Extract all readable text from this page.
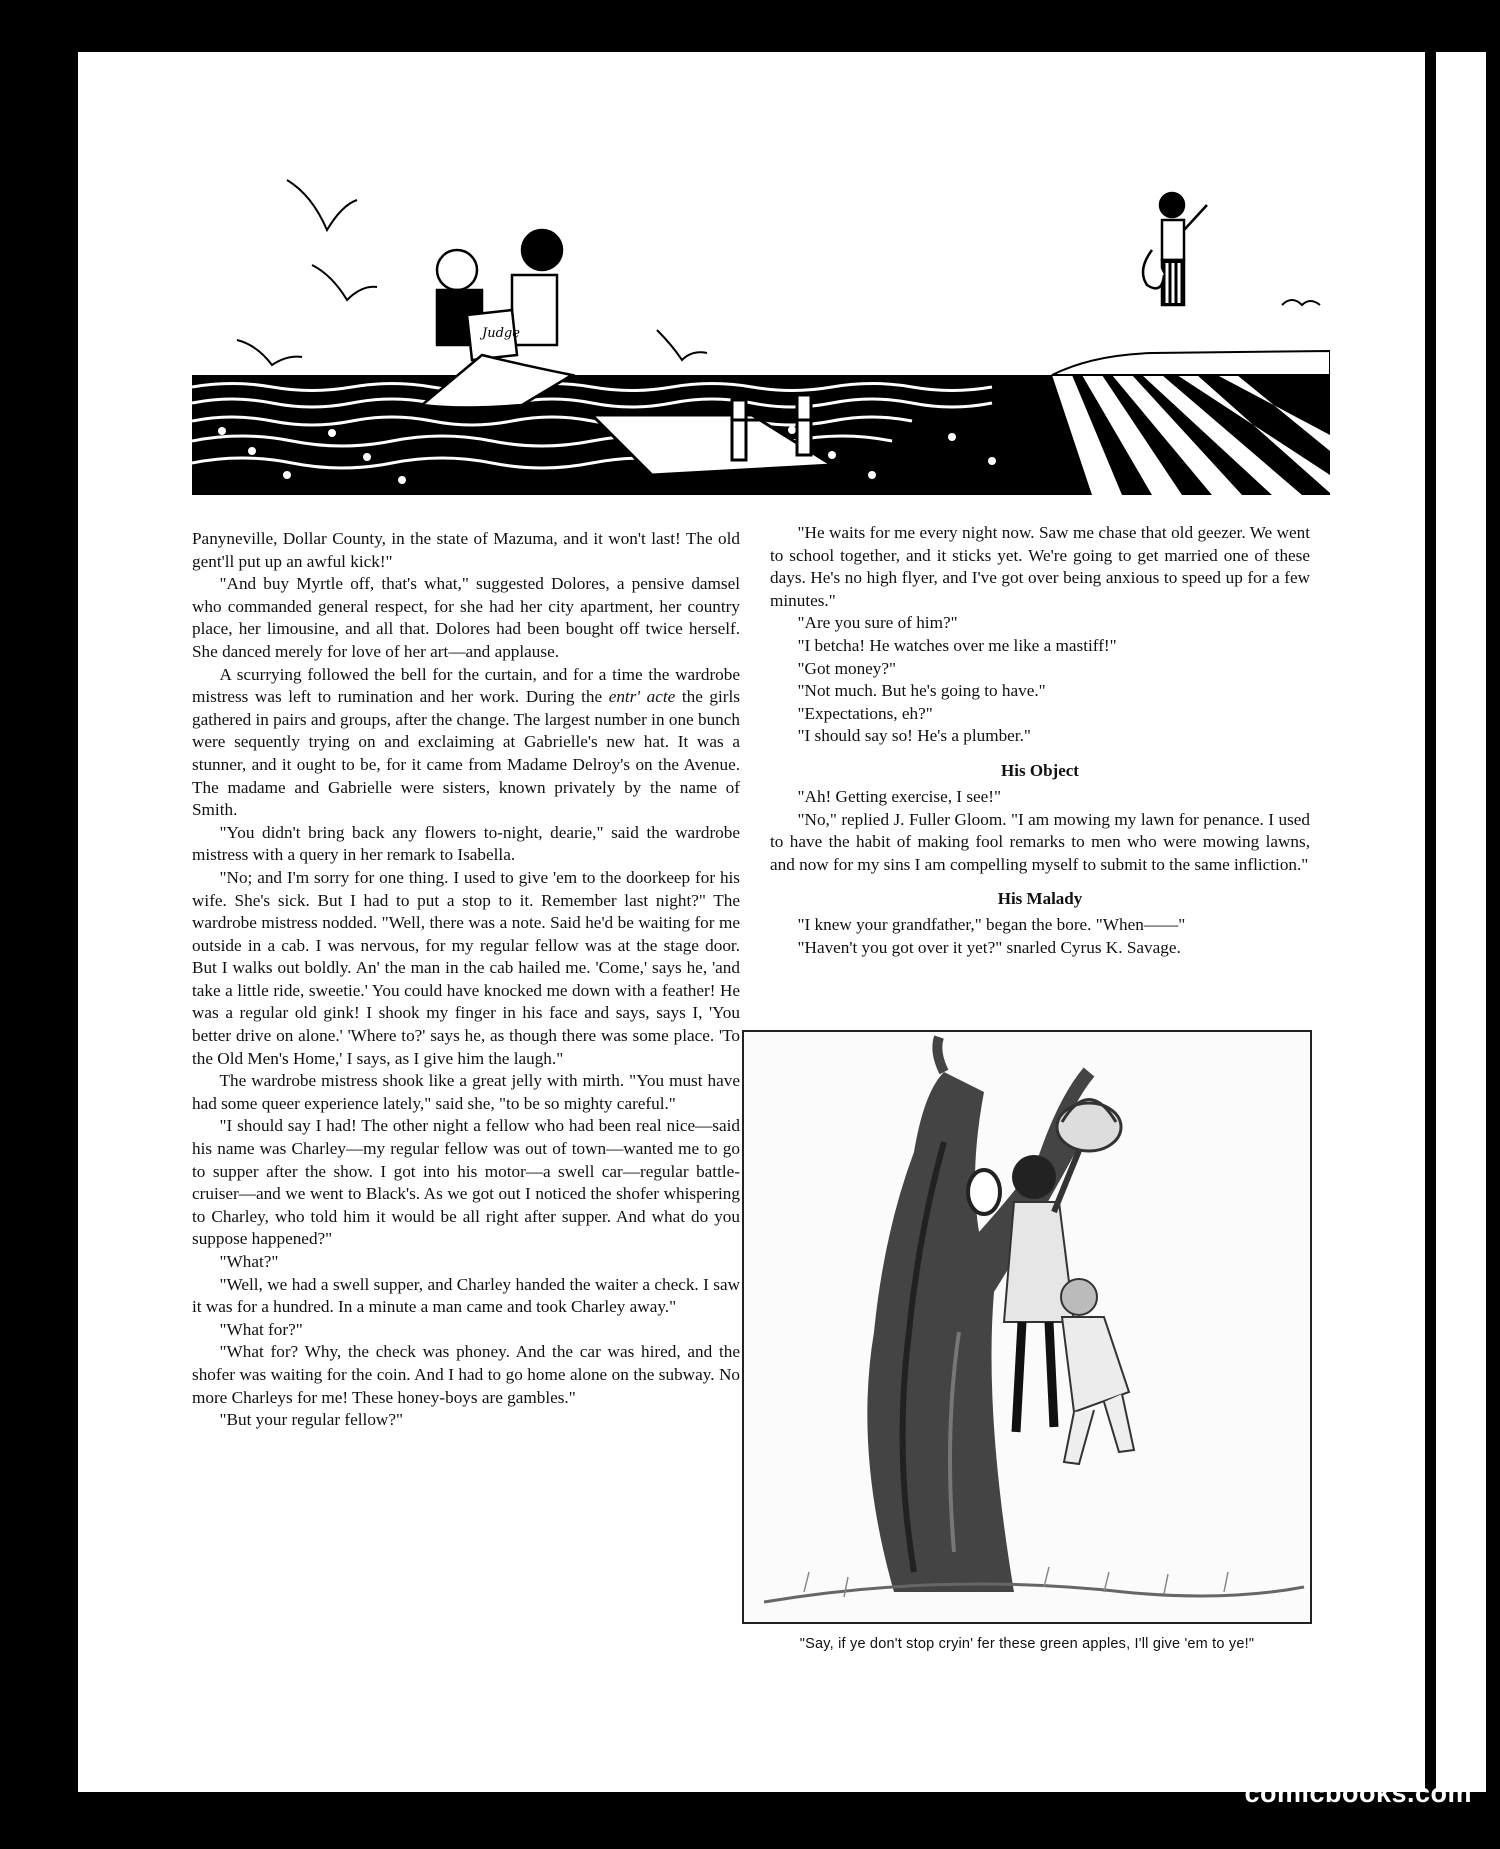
Judge

Panyneville, Dollar County, in the state of Mazuma, and it won't last! The old gent'll put up an awful kick!"

"And buy Myrtle off, that's what," suggested Dolores, a pensive damsel who commanded general respect, for she had her city apartment, her country place, her limousine, and all that. Dolores had been bought off twice herself. She danced merely for love of her art—and applause.

A scurrying followed the bell for the curtain, and for a time the wardrobe mistress was left to rumination and her work. During the entr' acte the girls gathered in pairs and groups, after the change. The largest number in one bunch were sequently trying on and exclaiming at Gabrielle's new hat. It was a stunner, and it ought to be, for it came from Madame Delroy's on the Avenue. The madame and Gabrielle were sisters, known privately by the name of Smith.

"You didn't bring back any flowers to-night, dearie," said the wardrobe mistress with a query in her remark to Isabella.

"No; and I'm sorry for one thing. I used to give 'em to the doorkeep for his wife. She's sick. But I had to put a stop to it. Remember last night?" The wardrobe mistress nodded. "Well, there was a note. Said he'd be waiting for me outside in a cab. I was nervous, for my regular fellow was at the stage door. But I walks out boldly. An' the man in the cab hailed me. 'Come,' says he, 'and take a little ride, sweetie.' You could have knocked me down with a feather! He was a regular old gink! I shook my finger in his face and says, says I, 'You better drive on alone.' 'Where to?' says he, as though there was some place. 'To the Old Men's Home,' I says, as I give him the laugh."

The wardrobe mistress shook like a great jelly with mirth. "You must have had some queer experience lately," said she, "to be so mighty careful."

"I should say I had! The other night a fellow who had been real nice—said his name was Charley—my regular fellow was out of town—wanted me to go to supper after the show. I got into his motor—a swell car—regular battle-cruiser—and we went to Black's. As we got out I noticed the shofer whispering to Charley, who told him it would be all right after supper. And what do you suppose happened?"

"What?"

"Well, we had a swell supper, and Charley handed the waiter a check. I saw it was for a hundred. In a minute a man came and took Charley away."

"What for?"

"What for? Why, the check was phoney. And the car was hired, and the shofer was waiting for the coin. And I had to go home alone on the subway. No more Charleys for me! These honey-boys are gambles."

"But your regular fellow?"

"He waits for me every night now. Saw me chase that old geezer. We went to school together, and it sticks yet. We're going to get married one of these days. He's no high flyer, and I've got over being anxious to speed up for a few minutes."

"Are you sure of him?"

"I betcha! He watches over me like a mastiff!"

"Got money?"

"Not much. But he's going to have."

"Expectations, eh?"

"I should say so! He's a plumber."

His Object

"Ah! Getting exercise, I see!"

"No," replied J. Fuller Gloom. "I am mowing my lawn for penance. I used to have the habit of making fool remarks to men who were mowing lawns, and now for my sins I am compelling myself to submit to the same infliction."

His Malady

"I knew your grandfather," began the bore. "When——"

"Haven't you got over it yet?" snarled Cyrus K. Savage.

"Say, if ye don't stop cryin' fer these green apples, I'll give 'em to ye!"
comicbooks.com
